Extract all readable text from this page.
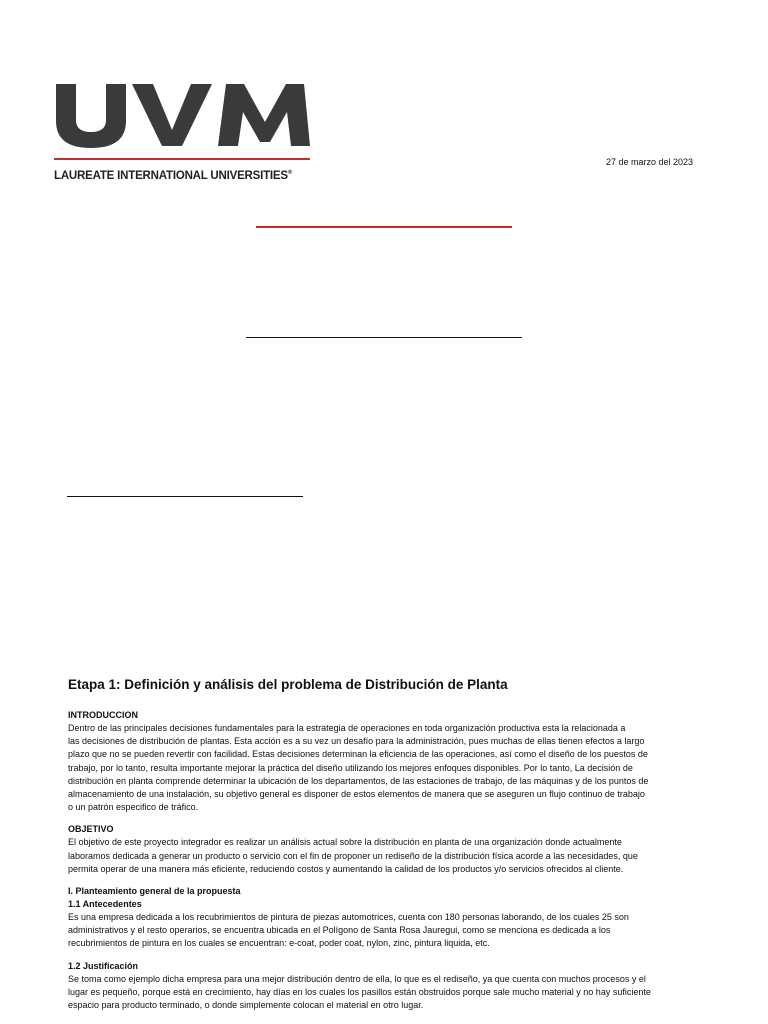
LAUREATE INTERNATIONAL UNIVERSITIES®
27 de marzo del 2023
Etapa 1: Definición y análisis del problema de Distribución de Planta
INTRODUCCION
Dentro de las principales decisiones fundamentales para la estrategia de operaciones en toda organización productiva esta la relacionada a
las decisiones de distribución de plantas. Esta acción es a su vez un desafío para la administración, pues muchas de ellas tienen efectos a largo
plazo que no se pueden revertir con facilidad. Estas decisiones determinan la eficiencia de las operaciones, así como el diseño de los puestos de
trabajo, por lo tanto, resulta importante mejorar la práctica del diseño utilizando los mejores enfoques disponibles. Por lo tanto, La decisión de
distribución en planta comprende determinar la ubicación de los departamentos, de las estaciones de trabajo, de las máquinas y de los puntos de
almacenamiento de una instalación, su objetivo general es disponer de estos elementos de manera que se aseguren un flujo continuo de trabajo
o un patrón especifico de tráfico.
OBJETIVO
El objetivo de este proyecto integrador es realizar un análisis actual sobre la distribución en planta de una organización donde actualmente
laboramos dedicada a generar un producto o servicio con el fin de proponer un rediseño de la distribución física acorde a las necesidades, que
permita operar de una manera más eficiente, reduciendo costos y aumentando la calidad de los productos y/o servicios ofrecidos al cliente.
I. Planteamiento general de la propuesta
1.1 Antecedentes
Es una empresa dedicada a los recubrimientos de pintura de piezas automotrices, cuenta con 180 personas laborando, de los cuales 25 son
administrativos y el resto operarios, se encuentra ubicada en el Polígono de Santa Rosa Jauregui, como se menciona es dedicada a los
recubrimientos de pintura en los cuales se encuentran: e-coat, poder coat, nylon, zinc, pintura liquida, etc.
1.2 Justificación
Se toma como ejemplo dicha empresa para una mejor distribución dentro de ella, lo que es el rediseño, ya que cuenta con muchos procesos y el
lugar es pequeño, porque está en crecimiento, hay días en los cuales los pasillos están obstruidos porque sale mucho material y no hay suficiente
espacio para producto terminado, o donde simplemente colocan el material en otro lugar.
